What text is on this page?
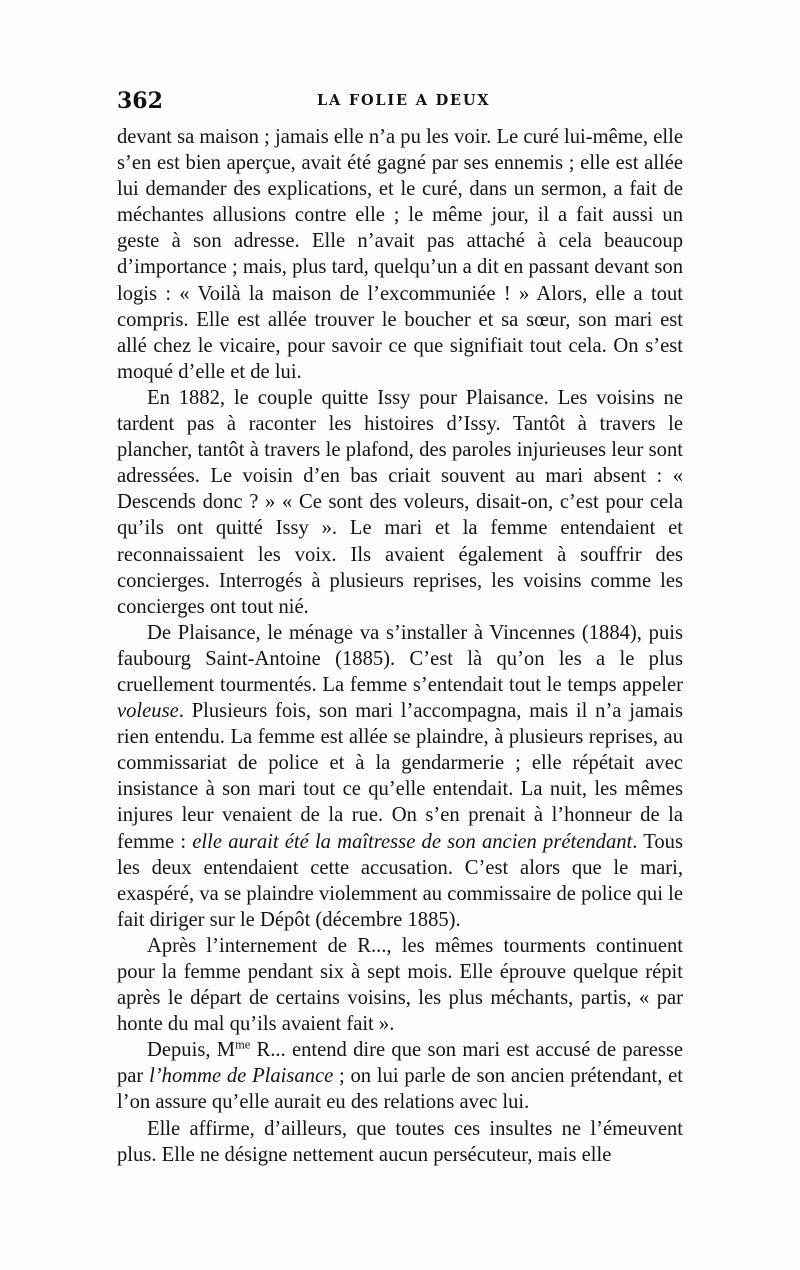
362	LA FOLIE A DEUX

devant sa maison ; jamais elle n’a pu les voir. Le curé lui-même, elle s’en est bien aperçue, avait été gagné par ses ennemis ; elle est allée lui demander des explications, et le curé, dans un sermon, a fait de méchantes allusions contre elle ; le même jour, il a fait aussi un geste à son adresse. Elle n’avait pas attaché à cela beaucoup d’importance ; mais, plus tard, quelqu’un a dit en passant devant son logis : « Voilà la maison de l’excommuniée ! » Alors, elle a tout compris. Elle est allée trouver le boucher et sa sœur, son mari est allé chez le vicaire, pour savoir ce que signifiait tout cela. On s’est moqué d’elle et de lui.

En 1882, le couple quitte Issy pour Plaisance. Les voisins ne tardent pas à raconter les histoires d’Issy. Tantôt à travers le plancher, tantôt à travers le plafond, des paroles injurieuses leur sont adressées. Le voisin d’en bas criait souvent au mari absent : « Descends donc ? » « Ce sont des voleurs, disait-on, c’est pour cela qu’ils ont quitté Issy ». Le mari et la femme entendaient et reconnaissaient les voix. Ils avaient également à souffrir des concierges. Interrogés à plusieurs reprises, les voisins comme les concierges ont tout nié.

De Plaisance, le ménage va s’installer à Vincennes (1884), puis faubourg Saint-Antoine (1885). C’est là qu’on les a le plus cruellement tourmentés. La femme s’entendait tout le temps appeler voleuse. Plusieurs fois, son mari l’accompagna, mais il n’a jamais rien entendu. La femme est allée se plaindre, à plusieurs reprises, au commissariat de police et à la gendarmerie ; elle répétait avec insistance à son mari tout ce qu’elle entendait. La nuit, les mêmes injures leur venaient de la rue. On s’en prenait à l’honneur de la femme : elle aurait été la maîtresse de son ancien prétendant. Tous les deux entendaient cette accusation. C’est alors que le mari, exaspéré, va se plaindre violemment au commissaire de police qui le fait diriger sur le Dépôt (décembre 1885).

Après l’internement de R..., les mêmes tourments continuent pour la femme pendant six à sept mois. Elle éprouve quelque répit après le départ de certains voisins, les plus méchants, partis, « par honte du mal qu’ils avaient fait ».

Depuis, $M^{me}$ R... entend dire que son mari est accusé de paresse par l’homme de Plaisance ; on lui parle de son ancien prétendant, et l’on assure qu’elle aurait eu des relations avec lui.

Elle affirme, d’ailleurs, que toutes ces insultes ne l’émeuvent plus. Elle ne désigne nettement aucun persécuteur, mais elle
